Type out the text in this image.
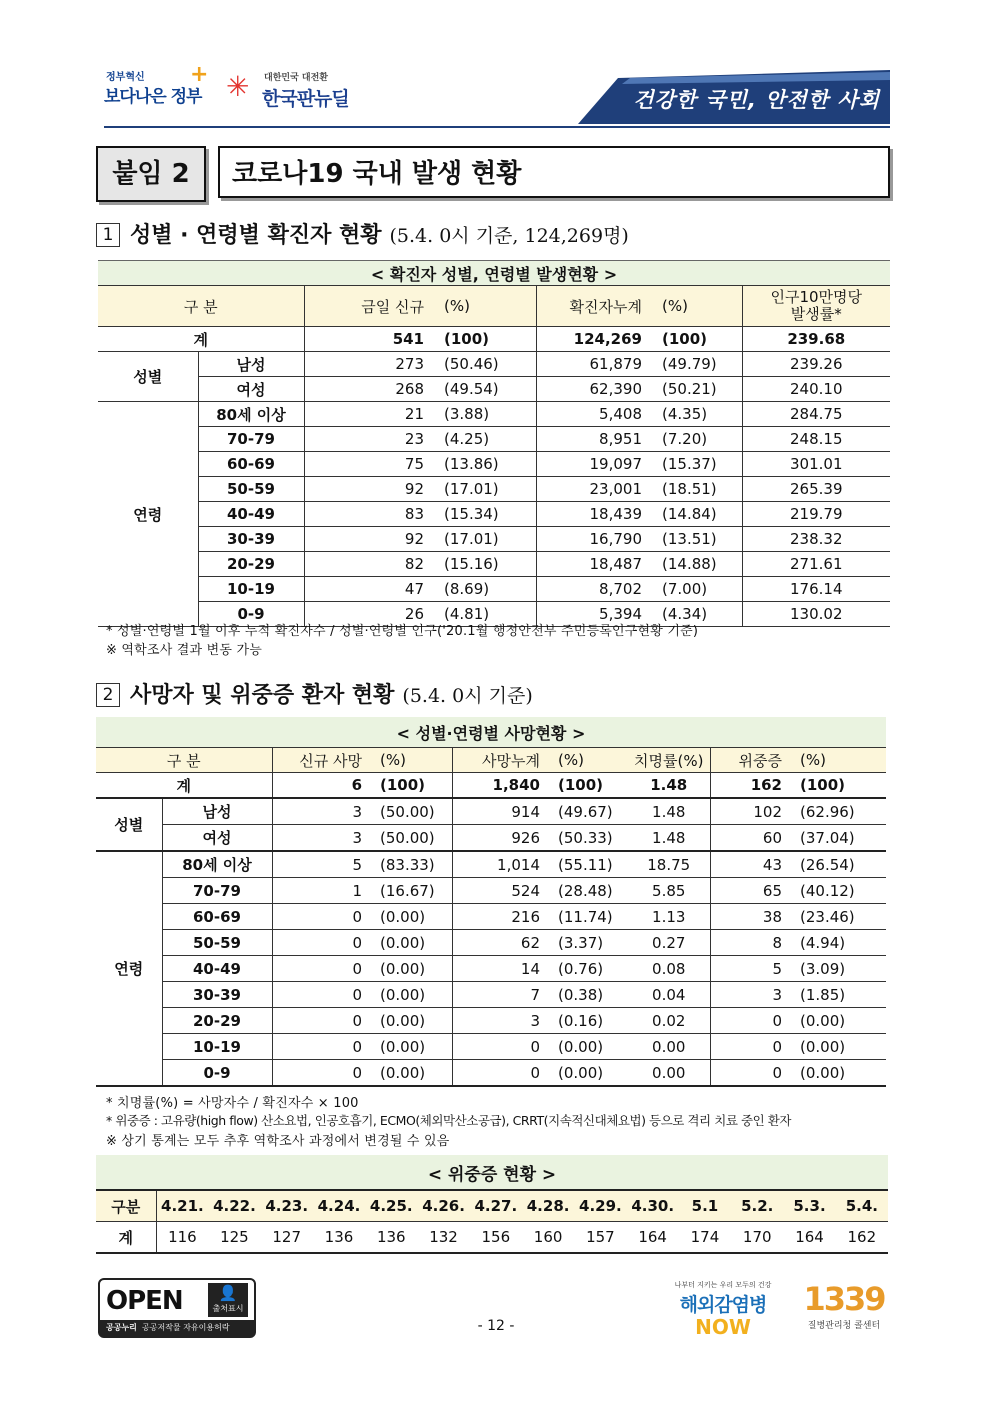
정부혁신
보다나은 정부
+ ✳ 대한민국 대전환
한국판뉴딜	건강한 국민, 안전한 사회
붙임 2	코로나19 국내 발생 현황
1 성별 · 연령별 확진자 현황 (5.4. 0시 기준, 124,269명)
< 확진자 성별, 연령별 발생현황 >						
구 분		금일 신규	(%)	확진자누계	(%)	인구10만명당
발생률*
계		541	(100)	124,269	(100)	239.68
성별	남성	273	(50.46)	61,879	(49.79)	239.26
	여성	268	(49.54)	62,390	(50.21)	240.10
연령	80세 이상	21	(3.88)	5,408	(4.35)	284.75
	70-79	23	(4.25)	8,951	(7.20)	248.15
	60-69	75	(13.86)	19,097	(15.37)	301.01
	50-59	92	(17.01)	23,001	(18.51)	265.39
	40-49	83	(15.34)	18,439	(14.84)	219.79
	30-39	92	(17.01)	16,790	(13.51)	238.32
	20-29	82	(15.16)	18,487	(14.88)	271.61
	10-19	47	(8.69)	8,702	(7.00)	176.14
	0-9	26	(4.81)	5,394	(4.34)	130.02
* 성별·연령별 1월 이후 누적 확진자수 / 성별·연령별 인구('20.1월 행정안전부 주민등록인구현황 기준)
※ 역학조사 결과 변동 가능
2 사망자 및 위중증 환자 현황 (5.4. 0시 기준)
< 성별·연령별 사망현황 >								
구 분		신규 사망	(%)	사망누계	(%)	치명률(%)	위중증	(%)
계		6	(100)	1,840	(100)	1.48	162	(100)
성별	남성	3	(50.00)	914	(49.67)	1.48	102	(62.96)
	여성	3	(50.00)	926	(50.33)	1.48	60	(37.04)
연령	80세 이상	5	(83.33)	1,014	(55.11)	18.75	43	(26.54)
	70-79	1	(16.67)	524	(28.48)	5.85	65	(40.12)
	60-69	0	(0.00)	216	(11.74)	1.13	38	(23.46)
	50-59	0	(0.00)	62	(3.37)	0.27	8	(4.94)
	40-49	0	(0.00)	14	(0.76)	0.08	5	(3.09)
	30-39	0	(0.00)	7	(0.38)	0.04	3	(1.85)
	20-29	0	(0.00)	3	(0.16)	0.02	0	(0.00)
	10-19	0	(0.00)	0	(0.00)	0.00	0	(0.00)
	0-9	0	(0.00)	0	(0.00)	0.00	0	(0.00)
* 치명률(%) = 사망자수 / 확진자수 × 100
* 위중증 : 고유량(high flow) 산소요법, 인공호흡기, ECMO(체외막산소공급), CRRT(지속적신대체요법) 등으로 격리 치료 중인 환자
※ 상기 통계는 모두 추후 역학조사 과정에서 변경될 수 있음
< 위중증 현황 >														
구분	4.21.	4.22.	4.23.	4.24.	4.25.	4.26.	4.27.	4.28.	4.29.	4.30.	5.1	5.2.	5.3.	5.4.
계	116	125	127	136	136	132	156	160	157	164	174	170	164	162
OPEN	👤
출처표시
공공누리 공공저작물 자유이용허락	- 12 -
나부터 지키는 우리 모두의 건강
해외감염병
NOW
1339
질병관리청 콜센터
